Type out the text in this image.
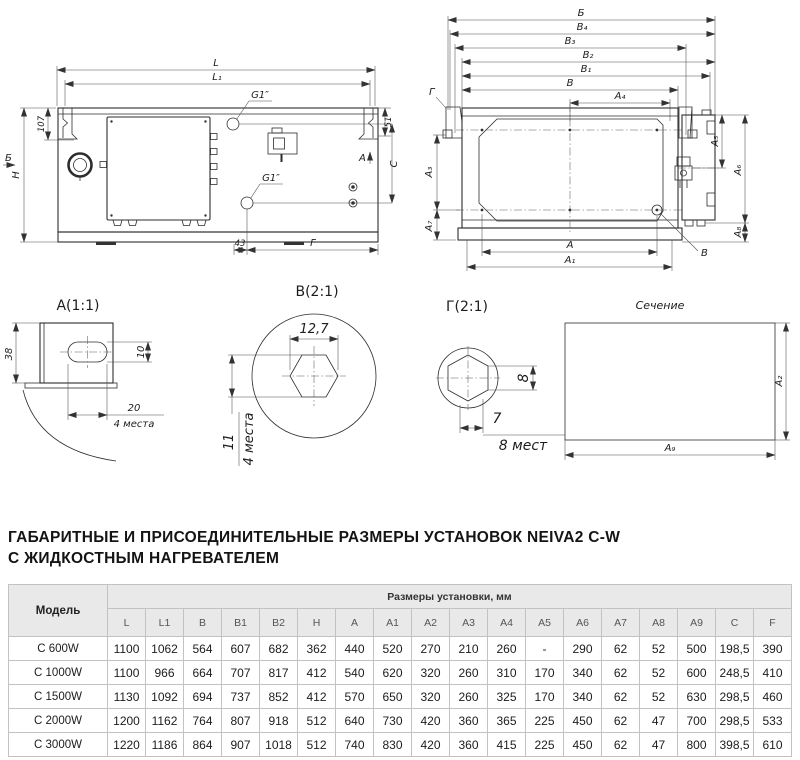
G1″
G1″
А
Б
L
L₁
107
H
51
C
43	F
Б
В₄
В₃
В₂
В₁
В
А₄
Г
В
А₃
А₇
А₅
А₆
А₈
А
А₁
А(1:1)
38	10
20
4 места
В(2:1)
12,7
11 4 места
Г(2:1)
8
7
8 мест
Сечение
А₂
А₉
ГАБАРИТНЫЕ И ПРИСОЕДИНИТЕЛЬНЫЕ РАЗМЕРЫ УСТАНОВОК NEIVA2 C-W
С ЖИДКОСТНЫМ НАГРЕВАТЕЛЕМ
Модель	Размеры установки, мм																	
	L	L1	B	B1	B2	H	A	A1	A2	A3	A4	A5	A6	A7	A8	A9	C	F
С 600W	1100	1062	564	607	682	362	440	520	270	210	260	-	290	62	52	500	198,5	390
С 1000W	1100	966	664	707	817	412	540	620	320	260	310	170	340	62	52	600	248,5	410
С 1500W	1130	1092	694	737	852	412	570	650	320	260	325	170	340	62	52	630	298,5	460
С 2000W	1200	1162	764	807	918	512	640	730	420	360	365	225	450	62	47	700	298,5	533
С 3000W	1220	1186	864	907	1018	512	740	830	420	360	415	225	450	62	47	800	398,5	610
